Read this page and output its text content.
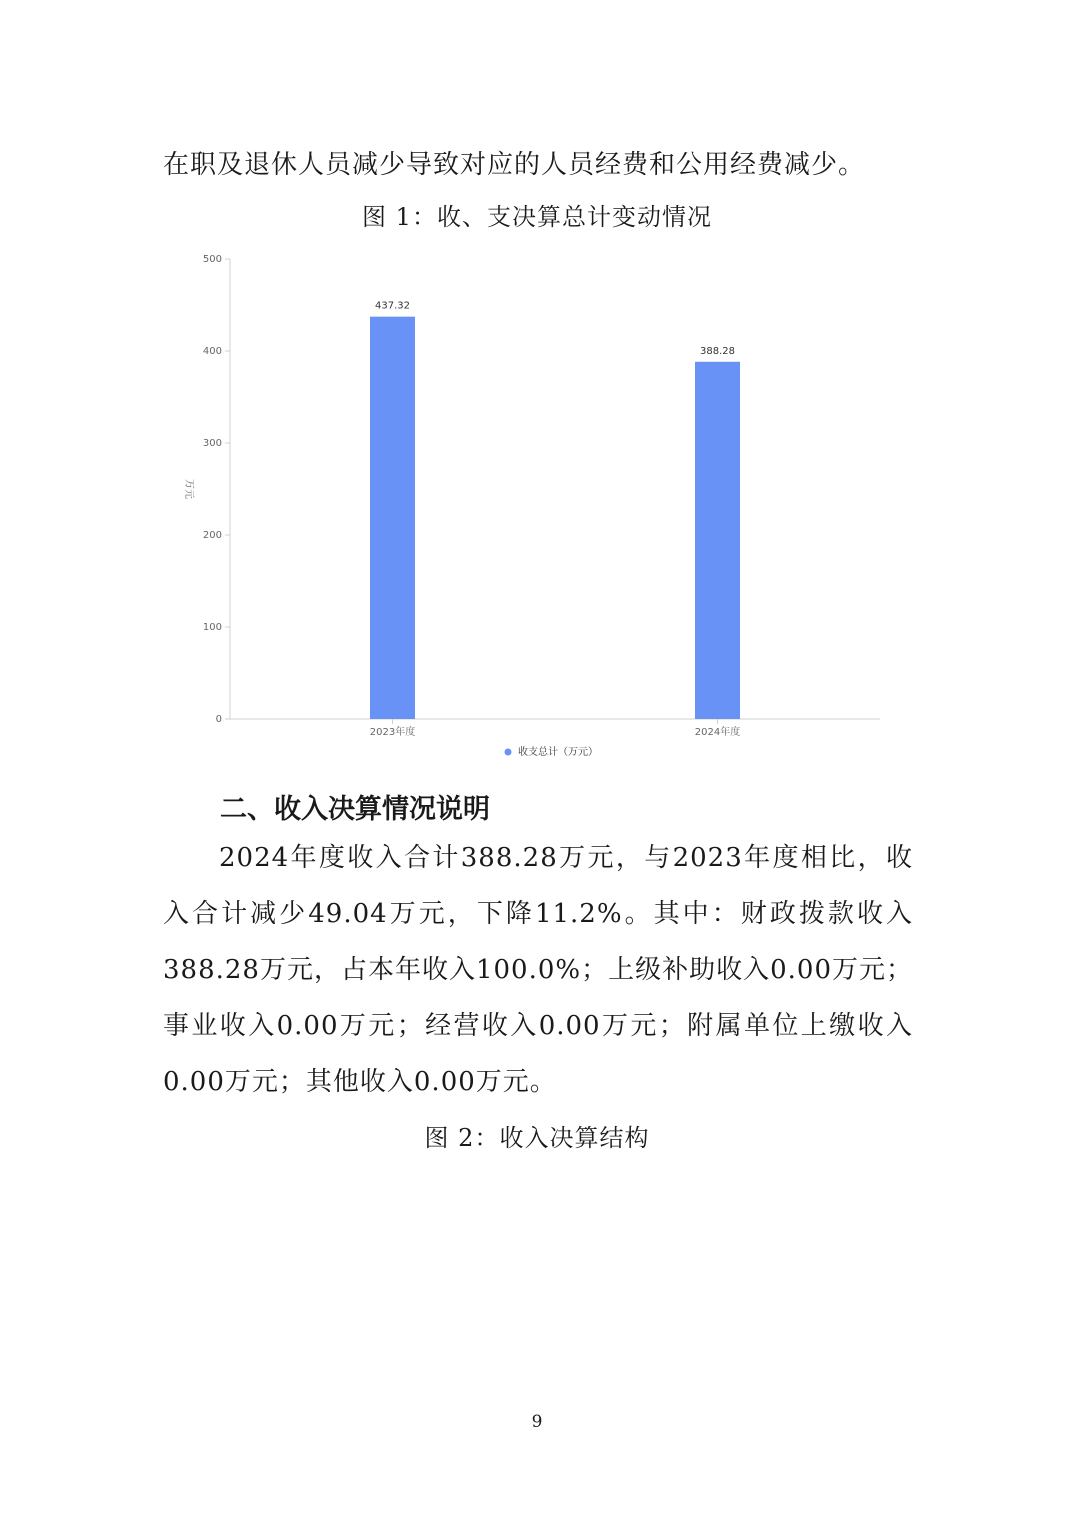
在职及退休人员减少导致对应的人员经费和公用经费减少。

图 1：收、支决算总计变动情况

0
100
200
300
400
500
万元
2023年度	2024年度
437.32
388.28
收支总计（万元）

二、收入决算情况说明

2024年度收入合计388.28万元，与2023年度相比，收入合计减少49.04万元，下降11.2%。其中：财政拨款收入388.28万元，占本年收入100.0%；上级补助收入0.00万元；事业收入0.00万元；经营收入0.00万元；附属单位上缴收入0.00万元；其他收入0.00万元。

图 2：收入决算结构

9
